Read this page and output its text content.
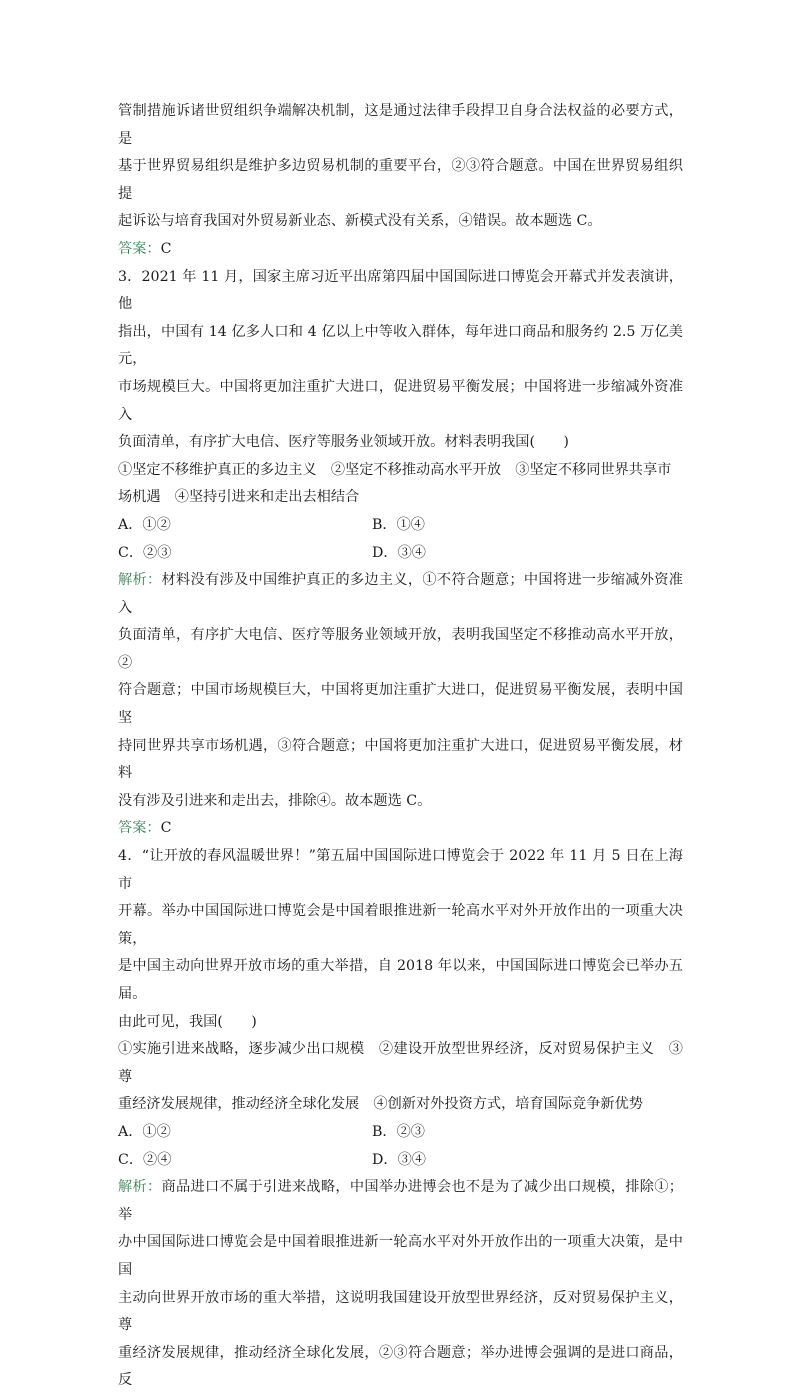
管制措施诉诸世贸组织争端解决机制，这是通过法律手段捍卫自身合法权益的必要方式，是

基于世界贸易组织是维护多边贸易机制的重要平台，②③符合题意。中国在世界贸易组织提

起诉讼与培育我国对外贸易新业态、新模式没有关系，④错误。故本题选 C。

答案：C

3．2021 年 11 月，国家主席习近平出席第四届中国国际进口博览会开幕式并发表演讲，他

指出，中国有 14 亿多人口和 4 亿以上中等收入群体，每年进口商品和服务约 2.5 万亿美元，

市场规模巨大。中国将更加注重扩大进口，促进贸易平衡发展；中国将进一步缩减外资准入

负面清单，有序扩大电信、医疗等服务业领域开放。材料表明我国(　　)

①坚定不移维护真正的多边主义　②坚定不移推动高水平开放　③坚定不移同世界共享市

场机遇　④坚持引进来和走出去相结合

A．①②	B．①④
C．②③	D．③④

解析：材料没有涉及中国维护真正的多边主义，①不符合题意；中国将进一步缩减外资准入

负面清单，有序扩大电信、医疗等服务业领域开放，表明我国坚定不移推动高水平开放，②

符合题意；中国市场规模巨大，中国将更加注重扩大进口，促进贸易平衡发展，表明中国坚

持同世界共享市场机遇，③符合题意；中国将更加注重扩大进口，促进贸易平衡发展，材料

没有涉及引进来和走出去，排除④。故本题选 C。

答案：C

4．“让开放的春风温暖世界！”第五届中国国际进口博览会于 2022 年 11 月 5 日在上海市

开幕。举办中国国际进口博览会是中国着眼推进新一轮高水平对外开放作出的一项重大决策，

是中国主动向世界开放市场的重大举措，自 2018 年以来，中国国际进口博览会已举办五届。

由此可见，我国(　　)

①实施引进来战略，逐步减少出口规模　②建设开放型世界经济，反对贸易保护主义　③尊

重经济发展规律，推动经济全球化发展　④创新对外投资方式，培育国际竞争新优势

A．①②	B．②③
C．②④	D．③④

解析：商品进口不属于引进来战略，中国举办进博会也不是为了减少出口规模，排除①；举

办中国国际进口博览会是中国着眼推进新一轮高水平对外开放作出的一项重大决策，是中国

主动向世界开放市场的重大举措，这说明我国建设开放型世界经济，反对贸易保护主义，尊

重经济发展规律，推动经济全球化发展，②③符合题意；举办进博会强调的是进口商品，反
